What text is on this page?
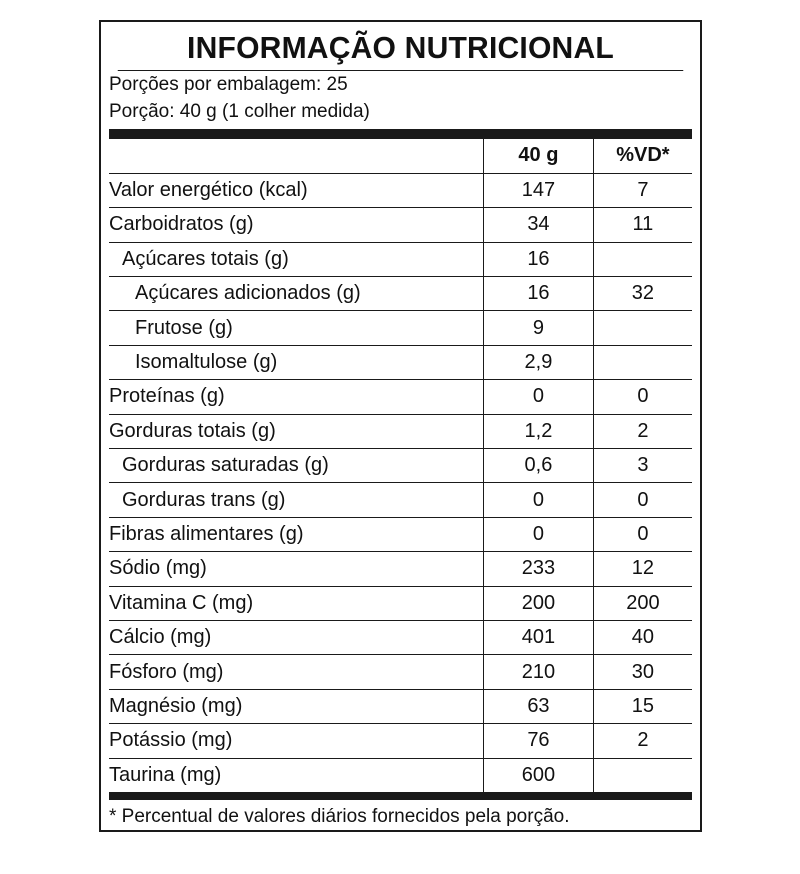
INFORMAÇÃO NUTRICIONAL
Porções por embalagem: 25
Porção: 40 g (1 colher medida)
	40 g	%VD*
Valor energético (kcal)	147	7
Carboidratos (g)	34	11
Açúcares totais (g)	16	
Açúcares adicionados (g)	16	32
Frutose (g)	9	
Isomaltulose (g)	2,9	
Proteínas (g)	0	0
Gorduras totais (g)	1,2	2
Gorduras saturadas (g)	0,6	3
Gorduras trans (g)	0	0
Fibras alimentares (g)	0	0
Sódio (mg)	233	12
Vitamina C (mg)	200	200
Cálcio (mg)	401	40
Fósforo (mg)	210	30
Magnésio (mg)	63	15
Potássio (mg)	76	2
Taurina (mg)	600	
* Percentual de valores diários fornecidos pela porção.
